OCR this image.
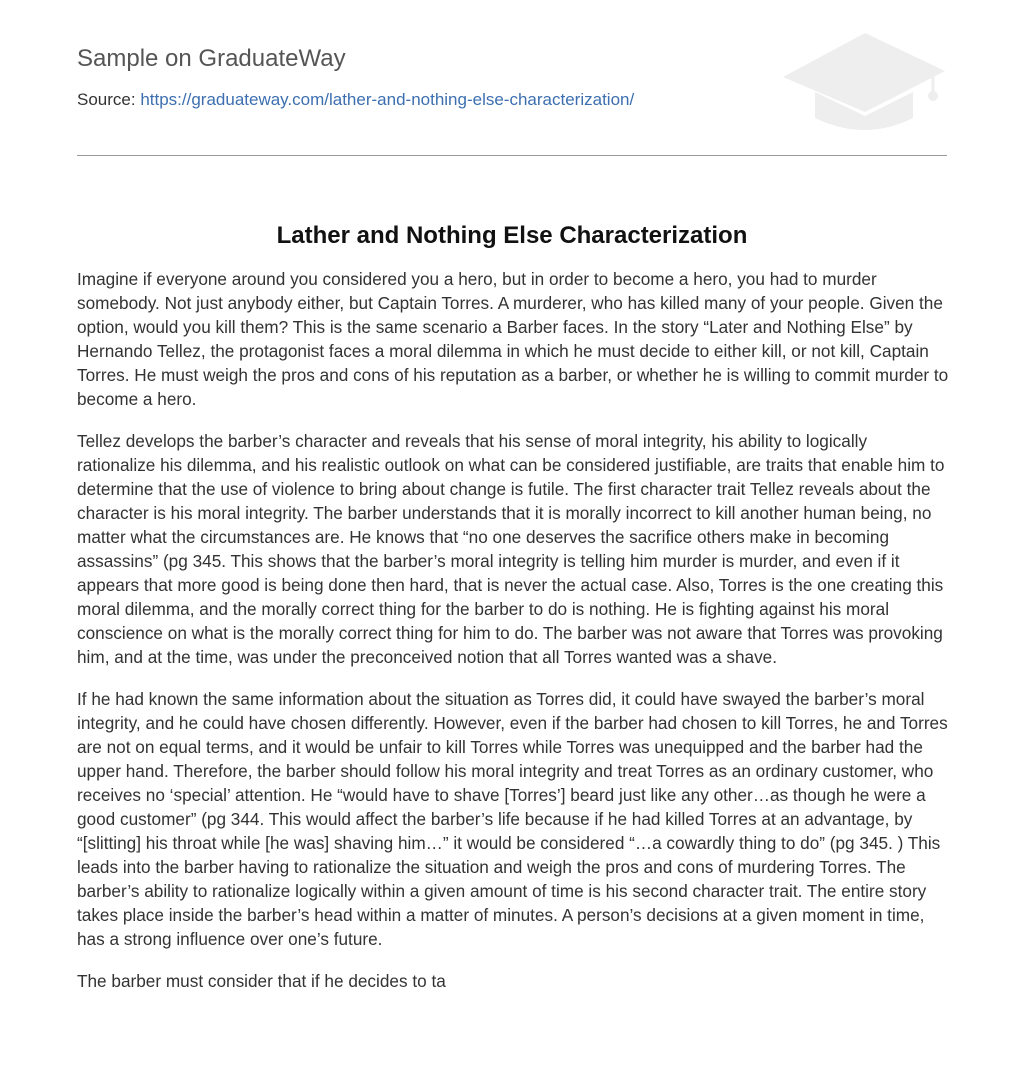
Sample on GraduateWay
Source: https://graduateway.com/lather-and-nothing-else-characterization/
Lather and Nothing Else Characterization

Imagine if everyone around you considered you a hero, but in order to become a hero, you had to murder somebody. Not just anybody either, but Captain Torres. A murderer, who has killed many of your people. Given the option, would you kill them? This is the same scenario a Barber faces. In the story “Later and Nothing Else” by Hernando Tellez, the protagonist faces a moral dilemma in which he must decide to either kill, or not kill, Captain Torres. He must weigh the pros and cons of his reputation as a barber, or whether he is willing to commit murder to become a hero.

Tellez develops the barber’s character and reveals that his sense of moral integrity, his ability to logically rationalize his dilemma, and his realistic outlook on what can be considered justifiable, are traits that enable him to determine that the use of violence to bring about change is futile. The first character trait Tellez reveals about the character is his moral integrity. The barber understands that it is morally incorrect to kill another human being, no matter what the circumstances are. He knows that “no one deserves the sacrifice others make in becoming assassins” (pg 345. This shows that the barber’s moral integrity is telling him murder is murder, and even if it appears that more good is being done then hard, that is never the actual case. Also, Torres is the one creating this moral dilemma, and the morally correct thing for the barber to do is nothing. He is fighting against his moral conscience on what is the morally correct thing for him to do. The barber was not aware that Torres was provoking him, and at the time, was under the preconceived notion that all Torres wanted was a shave.

If he had known the same information about the situation as Torres did, it could have swayed the barber’s moral integrity, and he could have chosen differently. However, even if the barber had chosen to kill Torres, he and Torres are not on equal terms, and it would be unfair to kill Torres while Torres was unequipped and the barber had the upper hand. Therefore, the barber should follow his moral integrity and treat Torres as an ordinary customer, who receives no ‘special’ attention. He “would have to shave [Torres’] beard just like any other…as though he were a good customer” (pg 344. This would affect the barber’s life because if he had killed Torres at an advantage, by “[slitting] his throat while [he was] shaving him…” it would be considered “…a cowardly thing to do” (pg 345. ) This leads into the barber having to rationalize the situation and weigh the pros and cons of murdering Torres. The barber’s ability to rationalize logically within a given amount of time is his second character trait. The entire story takes place inside the barber’s head within a matter of minutes. A person’s decisions at a given moment in time, has a strong influence over one’s future.

The barber must consider that if he decides to ta
